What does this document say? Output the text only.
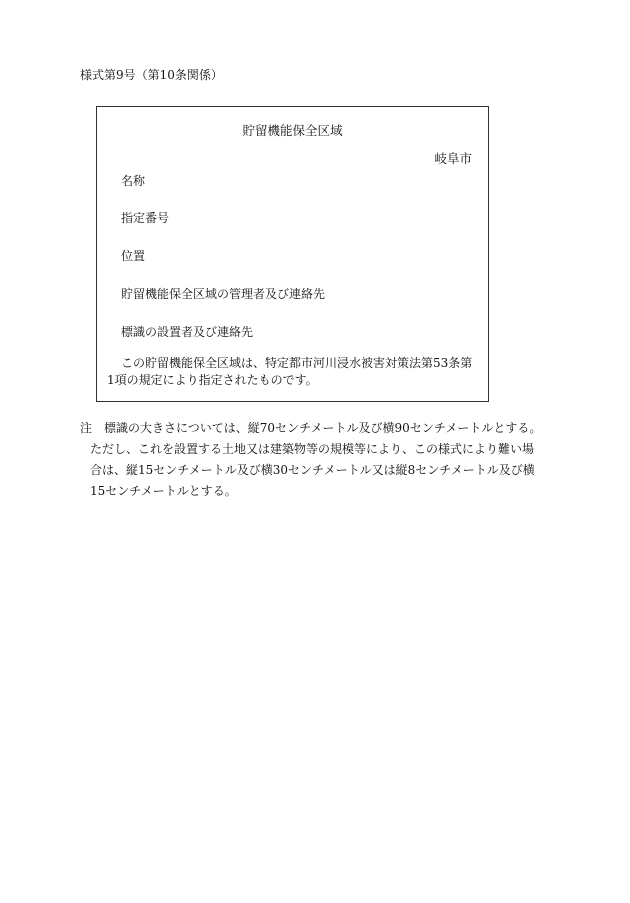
様式第9号（第10条関係）
貯留機能保全区域
岐阜市
名称
指定番号
位置
貯留機能保全区域の管理者及び連絡先
標識の設置者及び連絡先
この貯留機能保全区域は、特定都市河川浸水被害対策法第53条第
1項の規定により指定されたものです。
注　標識の大きさについては、縦70センチメートル及び横90センチメートルとする。
ただし、これを設置する土地又は建築物等の規模等により、この様式により難い場
合は、縦15センチメートル及び横30センチメートル又は縦8センチメートル及び横
15センチメートルとする。
